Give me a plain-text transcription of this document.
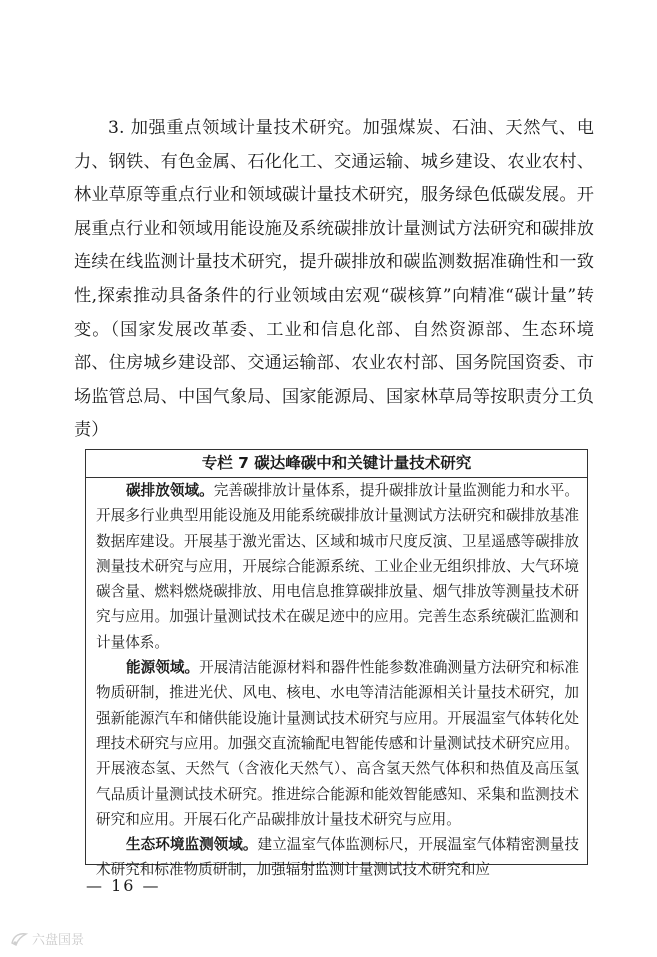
3. 加强重点领域计量技术研究。加强煤炭、石油、天然气、电力、钢铁、有色金属、石化化工、交通运输、城乡建设、农业农村、林业草原等重点行业和领域碳计量技术研究，服务绿色低碳发展。开展重点行业和领域用能设施及系统碳排放计量测试方法研究和碳排放连续在线监测计量技术研究，提升碳排放和碳监测数据准确性和一致性,探索推动具备条件的行业领域由宏观“碳核算”向精准“碳计量”转变。（国家发展改革委、工业和信息化部、自然资源部、生态环境部、住房城乡建设部、交通运输部、农业农村部、国务院国资委、市场监管总局、中国气象局、国家能源局、国家林草局等按职责分工负责）

专栏 7 碳达峰碳中和关键计量技术研究

碳排放领域。完善碳排放计量体系，提升碳排放计量监测能力和水平。开展多行业典型用能设施及用能系统碳排放计量测试方法研究和碳排放基准数据库建设。开展基于激光雷达、区域和城市尺度反演、卫星遥感等碳排放测量技术研究与应用，开展综合能源系统、工业企业无组织排放、大气环境碳含量、燃料燃烧碳排放、用电信息推算碳排放量、烟气排放等测量技术研究与应用。加强计量测试技术在碳足迹中的应用。完善生态系统碳汇监测和计量体系。

能源领域。开展清洁能源材料和器件性能参数准确测量方法研究和标准物质研制，推进光伏、风电、核电、水电等清洁能源相关计量技术研究，加强新能源汽车和储供能设施计量测试技术研究与应用。开展温室气体转化处理技术研究与应用。加强交直流输配电智能传感和计量测试技术研究应用。开展液态氢、天然气（含液化天然气）、高含氢天然气体积和热值及高压氢气品质计量测试技术研究。推进综合能源和能效智能感知、采集和监测技术研究和应用。开展石化产品碳排放计量技术研究与应用。

生态环境监测领域。建立温室气体监测标尺，开展温室气体精密测量技术研究和标准物质研制，加强辐射监测计量测试技术研究和应

— 16 —
六盘国景
